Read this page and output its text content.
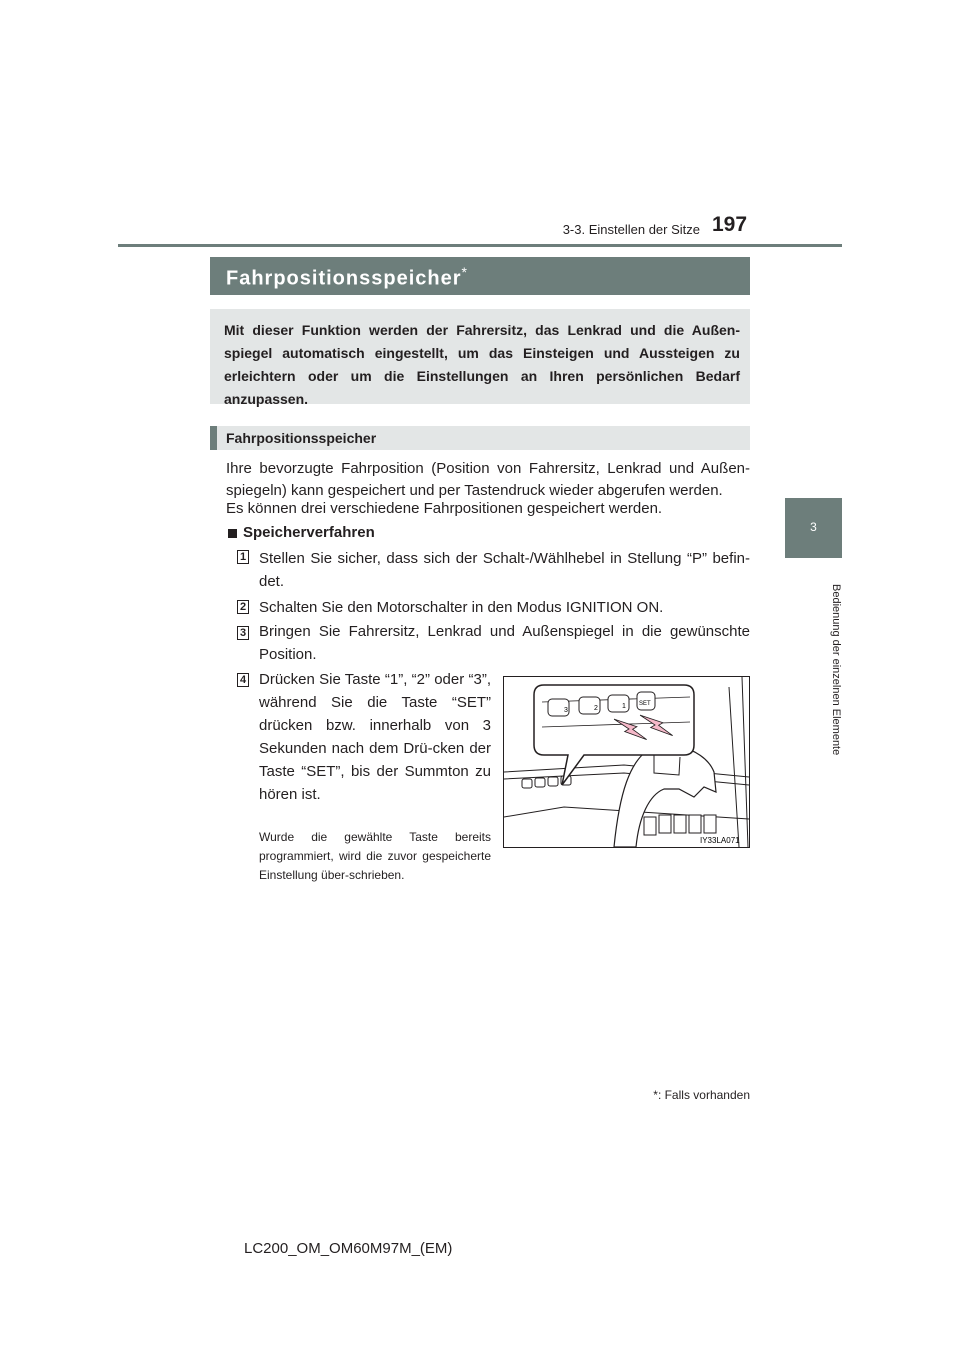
3-3. Einstellen der Sitze 197
3
Bedienung der einzelnen Elemente
Fahrpositionsspeicher*
Mit dieser Funktion werden der Fahrersitz, das Lenkrad und die Außen-spiegel automatisch eingestellt, um das Einsteigen und Aussteigen zu erleichtern oder um die Einstellungen an Ihren persönlichen Bedarf anzupassen.
Fahrpositionsspeicher
Ihre bevorzugte Fahrposition (Position von Fahrersitz, Lenkrad und Außen-spiegeln) kann gespeichert und per Tastendruck wieder abgerufen werden.
Es können drei verschiedene Fahrpositionen gespeichert werden.
Speicherverfahren
1 Stellen Sie sicher, dass sich der Schalt-/Wählhebel in Stellung “P” befin-det.
2 Schalten Sie den Motorschalter in den Modus IGNITION ON.
3 Bringen Sie Fahrersitz, Lenkrad und Außenspiegel in die gewünschte Position.
4 Drücken Sie Taste “1”, “2” oder “3”, während Sie die Taste “SET” drücken bzw. innerhalb von 3 Sekunden nach dem Drü-cken der Taste “SET”, bis der Summton zu hören ist.
Wurde die gewählte Taste bereits programmiert, wird die zuvor gespeicherte Einstellung über-schrieben.
3	2	1 SET
IY33LA071
*: Falls vorhanden
LC200_OM_OM60M97M_(EM)
